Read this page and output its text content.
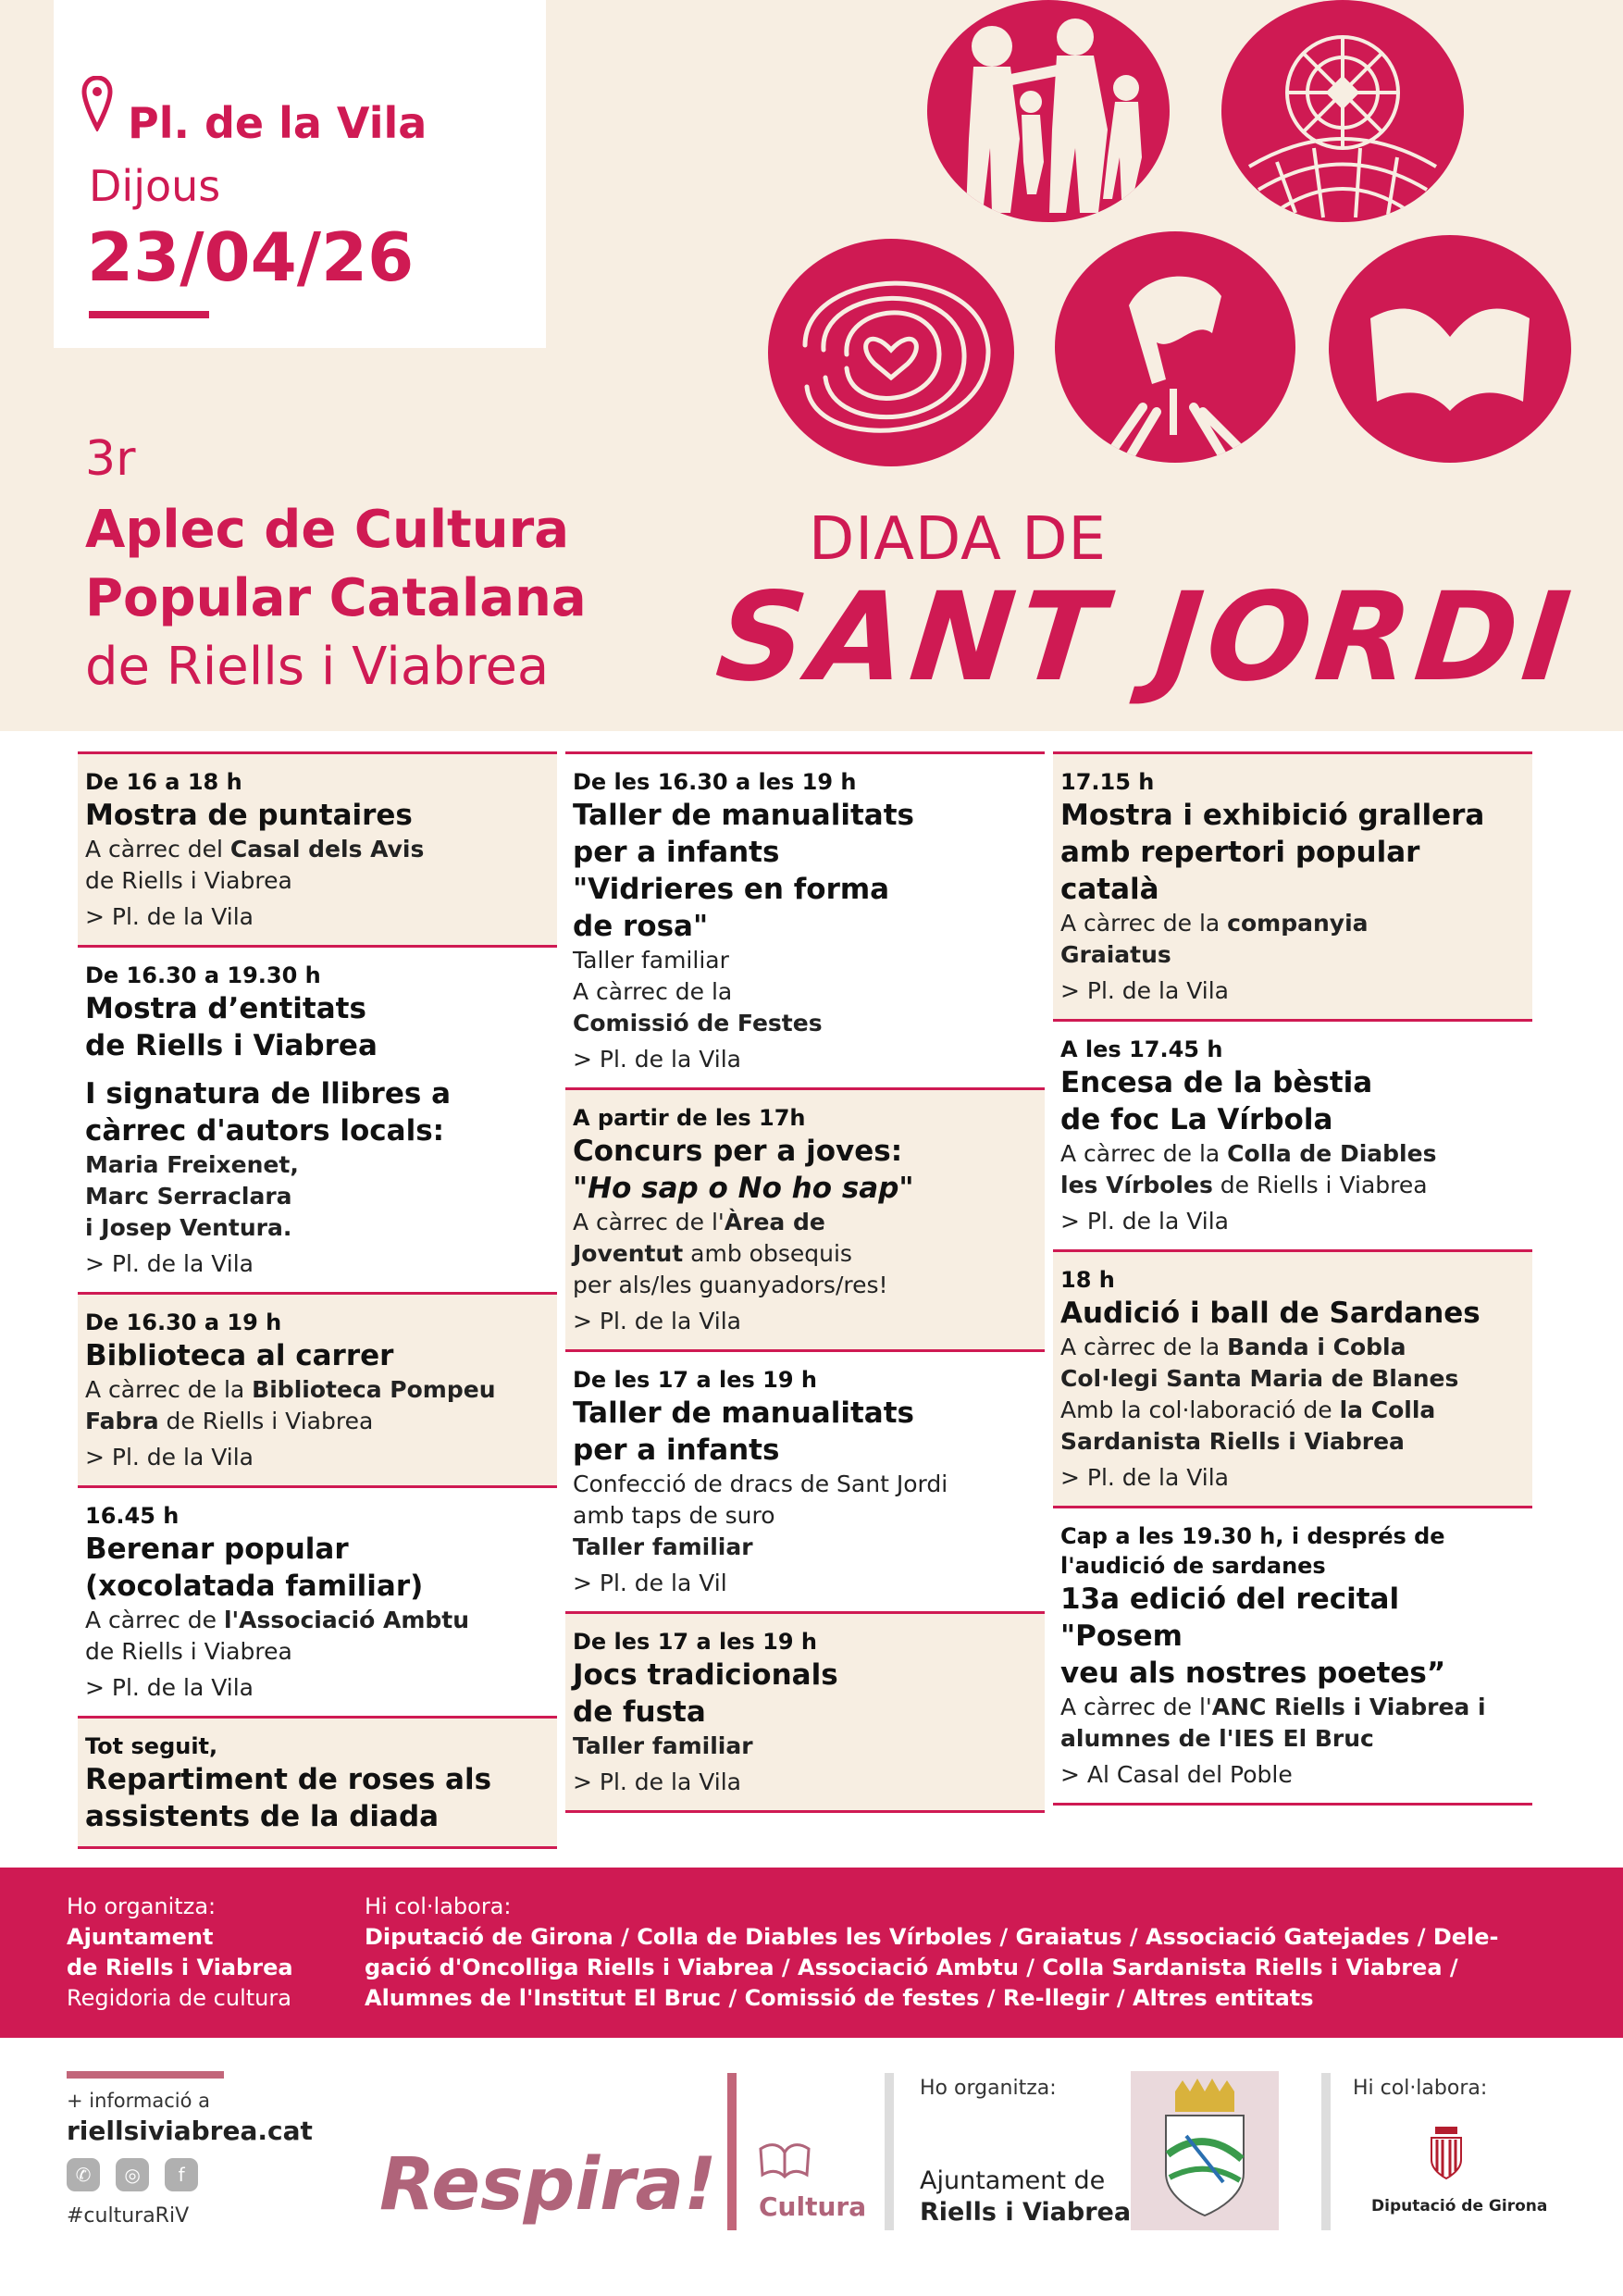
Pl. de la Vila
Dijous
23/04/26
3r
Aplec de Cultura
Popular Catalana
de Riells i Viabrea
DIADA DE
SANT JORDI
De 16 a 18 h
Mostra de puntaires
A càrrec del Casal dels Avis
de Riells i Viabrea
> Pl. de la Vila
De 16.30 a 19.30 h
Mostra d’entitats
de Riells i Viabrea
I signatura de llibres a
càrrec d'autors locals:
Maria Freixenet,
Marc Serraclara
i Josep Ventura.
> Pl. de la Vila
De 16.30 a 19 h
Biblioteca al carrer
A càrrec de la Biblioteca Pompeu
Fabra de Riells i Viabrea
> Pl. de la Vila
16.45 h
Berenar popular
(xocolatada familiar)
A càrrec de l'Associació Ambtu
de Riells i Viabrea
> Pl. de la Vila
Tot seguit,
Repartiment de roses als
assistents de la diada
De les 16.30 a les 19 h
Taller de manualitats
per a infants
"Vidrieres en forma
de rosa"
Taller familiar
A càrrec de la
Comissió de Festes
> Pl. de la Vila
A partir de les 17h
Concurs per a joves:
"Ho sap o No ho sap"
A càrrec de l'Àrea de
Joventut amb obsequis
per als/les guanyadors/res!
> Pl. de la Vila
De les 17 a les 19 h
Taller de manualitats
per a infants
Confecció de dracs de Sant Jordi
amb taps de suro
Taller familiar
> Pl. de la Vil
De les 17 a les 19 h
Jocs tradicionals
de fusta
Taller familiar
> Pl. de la Vila
17.15 h
Mostra i exhibició grallera
amb repertori popular
català
A càrrec de la companyia
Graiatus
> Pl. de la Vila
A les 17.45 h
Encesa de la bèstia
de foc La Vírbola
A càrrec de la Colla de Diables
les Vírboles de Riells i Viabrea
> Pl. de la Vila
18 h
Audició i ball de Sardanes
A càrrec de la Banda i Cobla
Col·legi Santa Maria de Blanes
Amb la col·laboració de la Colla
Sardanista Riells i Viabrea
> Pl. de la Vila
Cap a les 19.30 h, i després de
l'audició de sardanes
13a edició del recital "Posem
veu als nostres poetes”
A càrrec de l'ANC Riells i Viabrea i
alumnes de l'IES El Bruc
> Al Casal del Poble
Ho organitza:
Ajuntament
de Riells i Viabrea
Regidoria de cultura
Hi col·labora:
Diputació de Girona / Colla de Diables les Vírboles / Graiatus / Associació Gatejades / Dele-
gació d'Oncolliga Riells i Viabrea / Associació Ambtu / Colla Sardanista Riells i Viabrea /
Alumnes de l'Institut El Bruc / Comissió de festes / Re-llegir / Altres entitats
+ informació a
riellsiviabrea.cat
✆ ◎ f
#culturaRiV	Respira! Cultura
Ho organitza:
Ajuntament de
Riells i Viabrea
Hi col·labora:
Diputació de Girona
